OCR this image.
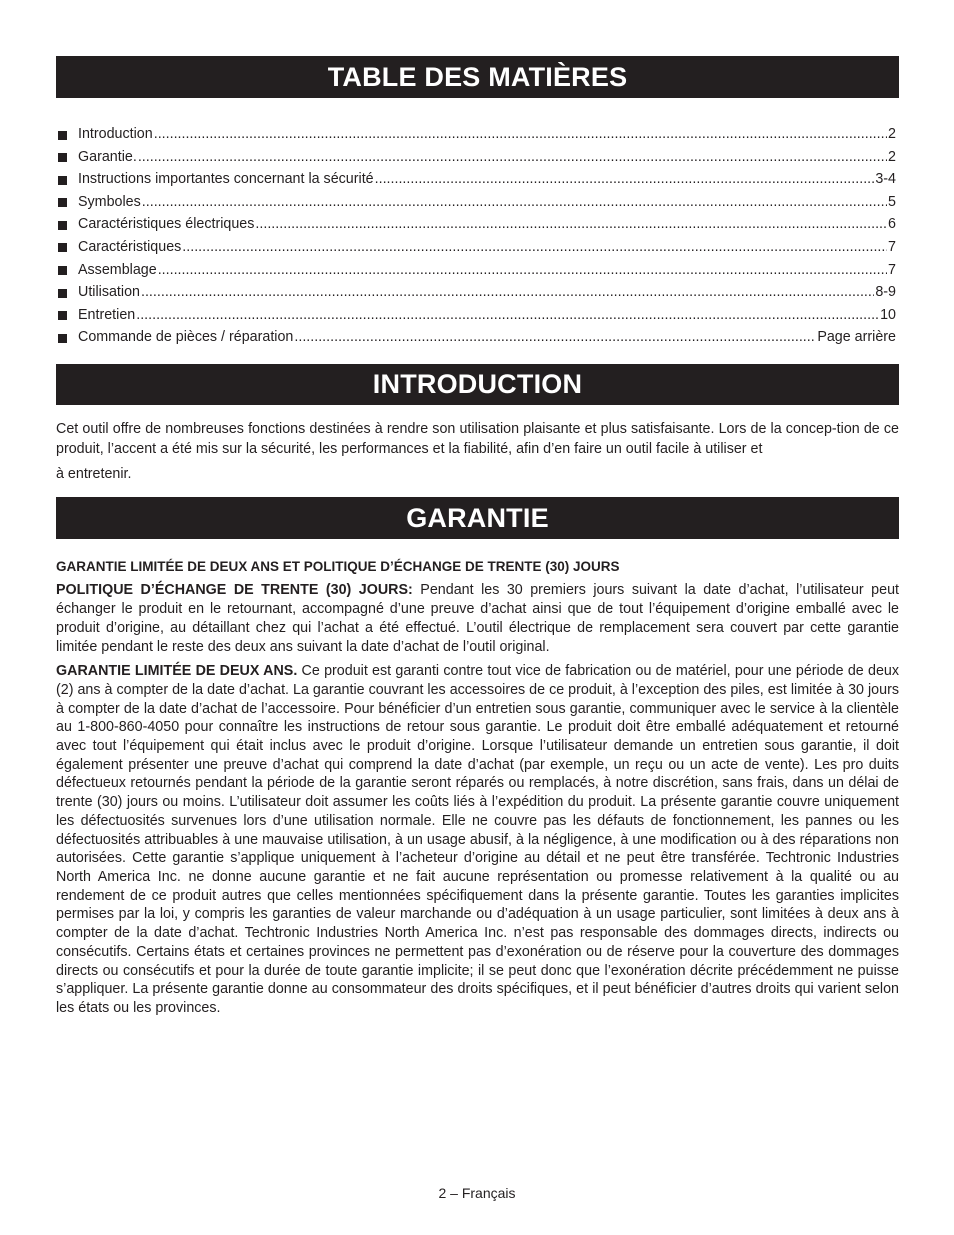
TABLE DES MATIÈRES
Introduction .....	2
Garantie. .....	2
Instructions importantes concernant la sécurité .....	3-4
Symboles .....	5
Caractéristiques électriques .....	6
Caractéristiques .....	7
Assemblage .....	7
Utilisation .....	8-9
Entretien .....	10
Commande de pièces / réparation .....	Page arrière
INTRODUCTION

Cet outil offre de nombreuses fonctions destinées à rendre son utilisation plaisante et plus satisfaisante. Lors de la concep-tion de ce produit, l’accent a été mis sur la sécurité, les performances et la fiabilité, afin d’en faire un outil facile à utiliser et
à entretenir.

GARANTIE

GARANTIE LIMITÉE DE DEUX ANS ET POLITIQUE D’ÉCHANGE DE TRENTE (30) JOURS

POLITIQUE D’ÉCHANGE DE TRENTE (30) JOURS: Pendant les 30 premiers jours suivant la date d’achat, l’utilisateur peut échanger le produit en le retournant, accompagné d’une preuve d’achat ainsi que de tout l’équipement d’origine emballé avec le produit d’origine, au détaillant chez qui l’achat a été effectué. L’outil électrique de remplacement sera couvert par cette garantie limitée pendant le reste des deux ans suivant la date d’achat de l’outil original.

GARANTIE LIMITÉE DE DEUX ANS. Ce produit est garanti contre tout vice de fabrication ou de matériel, pour une période de deux (2) ans à compter de la date d’achat. La garantie couvrant les accessoires de ce produit, à l’exception des piles, est limitée à 30 jours à compter de la date d’achat de l’accessoire. Pour bénéficier d’un entretien sous garantie, communiquer avec le service à la clientèle au 1-800-860-4050 pour connaître les instructions de retour sous garantie. Le produit doit être emballé adéquatement et retourné avec tout l’équipement qui était inclus avec le produit d’origine. Lorsque l’utilisateur demande un entretien sous garantie, il doit également présenter une preuve d’achat qui comprend la date d’achat (par exemple, un reçu ou un acte de vente). Les pro duits défectueux retournés pendant la période de la garantie seront réparés ou remplacés, à notre discrétion, sans frais, dans un délai de trente (30) jours ou moins. L’utilisateur doit assumer les coûts liés à l’expédition du produit. La présente garantie couvre uniquement les défectuosités survenues lors d’une utilisation normale. Elle ne couvre pas les défauts de fonctionnement, les pannes ou les défectuosités attribuables à une mauvaise utilisation, à un usage abusif, à la négligence, à une modification ou à des réparations non autorisées. Cette garantie s’applique uniquement à l’acheteur d’origine au détail et ne peut être transférée. Techtronic Industries North America Inc. ne donne aucune garantie et ne fait aucune représentation ou promesse relativement à la qualité ou au rendement de ce produit autres que celles mentionnées spécifiquement dans la présente garantie. Toutes les garanties implicites permises par la loi, y compris les garanties de valeur marchande ou d’adéquation à un usage particulier, sont limitées à deux ans à compter de la date d’achat. Techtronic Industries North America Inc. n’est pas responsable des dommages directs, indirects ou consécutifs. Certains états et certaines provinces ne permettent pas d’exonération ou de réserve pour la couverture des dommages directs ou consécutifs et pour la durée de toute garantie implicite; il se peut donc que l’exonération décrite précédemment ne puisse s’appliquer. La présente garantie donne au consommateur des droits spécifiques, et il peut bénéficier d’autres droits qui varient selon les états ou les provinces.

2 – Français
